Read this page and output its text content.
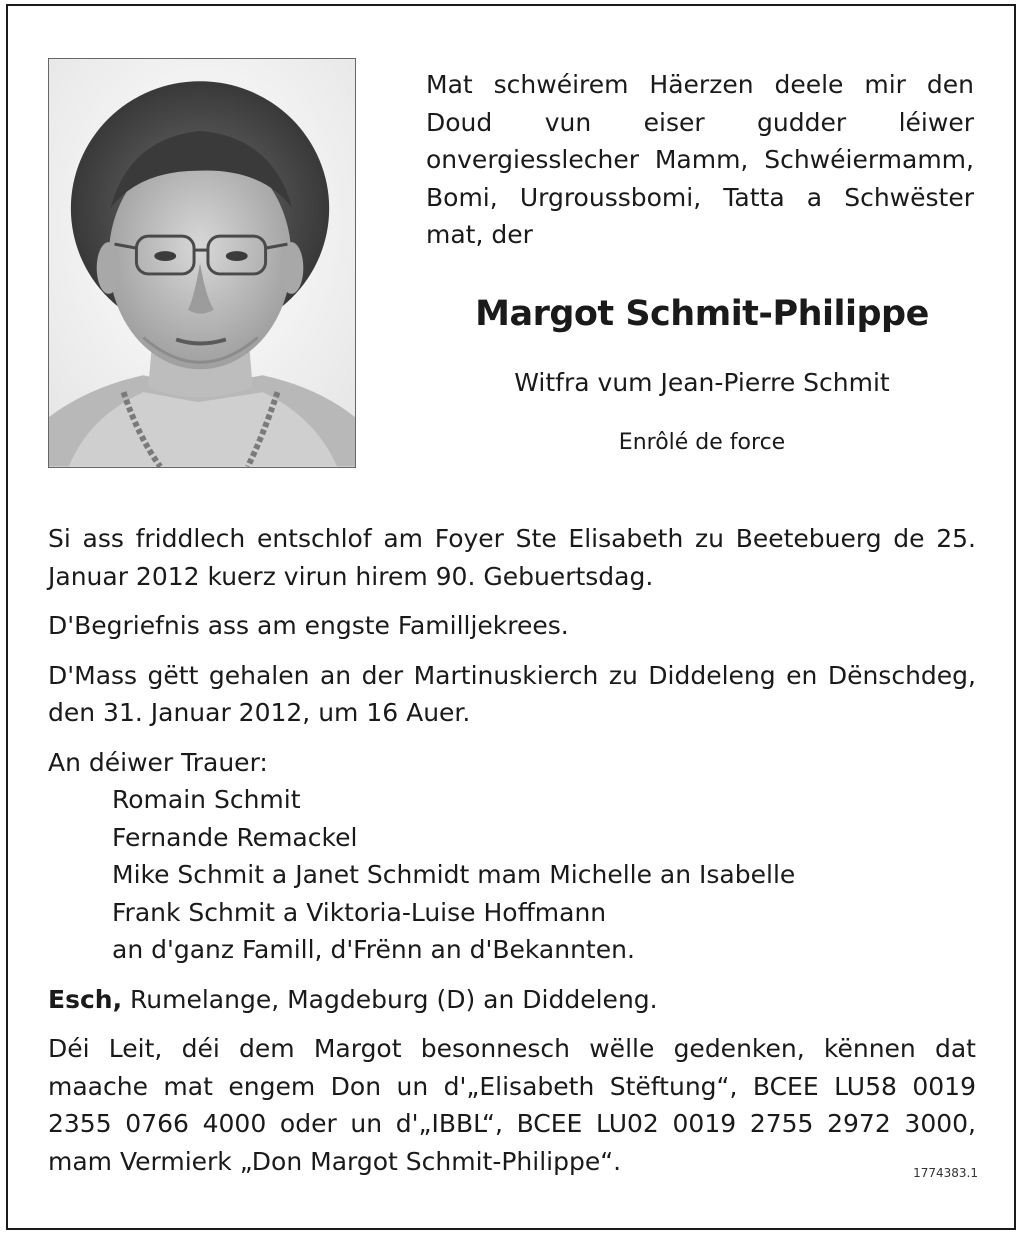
Mat schwéirem Häerzen deele mir den Doud vun eiser gudder léiwer onvergiesslecher Mamm, Schwéiermamm, Bomi, Urgroussbomi, Tatta a Schwëster mat, der
Margot Schmit-Philippe
Witfra vum Jean-Pierre Schmit
Enrôlé de force

Si ass friddlech entschlof am Foyer Ste Elisabeth zu Beetebuerg de 25. Januar 2012 kuerz virun hirem 90. Gebuertsdag.

D'Begriefnis ass am engste Familljekrees.

D'Mass gëtt gehalen an der Martinuskierch zu Diddeleng en Dënschdeg, den 31. Januar 2012, um 16 Auer.

An déiwer Trauer:

Romain Schmit
Fernande Remackel
Mike Schmit a Janet Schmidt mam Michelle an Isabelle
Frank Schmit a Viktoria-Luise Hoffmann
an d'ganz Famill, d'Frënn an d'Bekannten.

Esch, Rumelange, Magdeburg (D) an Diddeleng.

Déi Leit, déi dem Margot besonnesch wëlle gedenken, kënnen dat maache mat engem Don un d'„Elisabeth Stëftung“, BCEE LU58 0019 2355 0766 4000 oder un d'„IBBL“, BCEE LU02 0019 2755 2972 3000, mam Vermierk „Don Margot Schmit-Philippe“.	1774383.1
